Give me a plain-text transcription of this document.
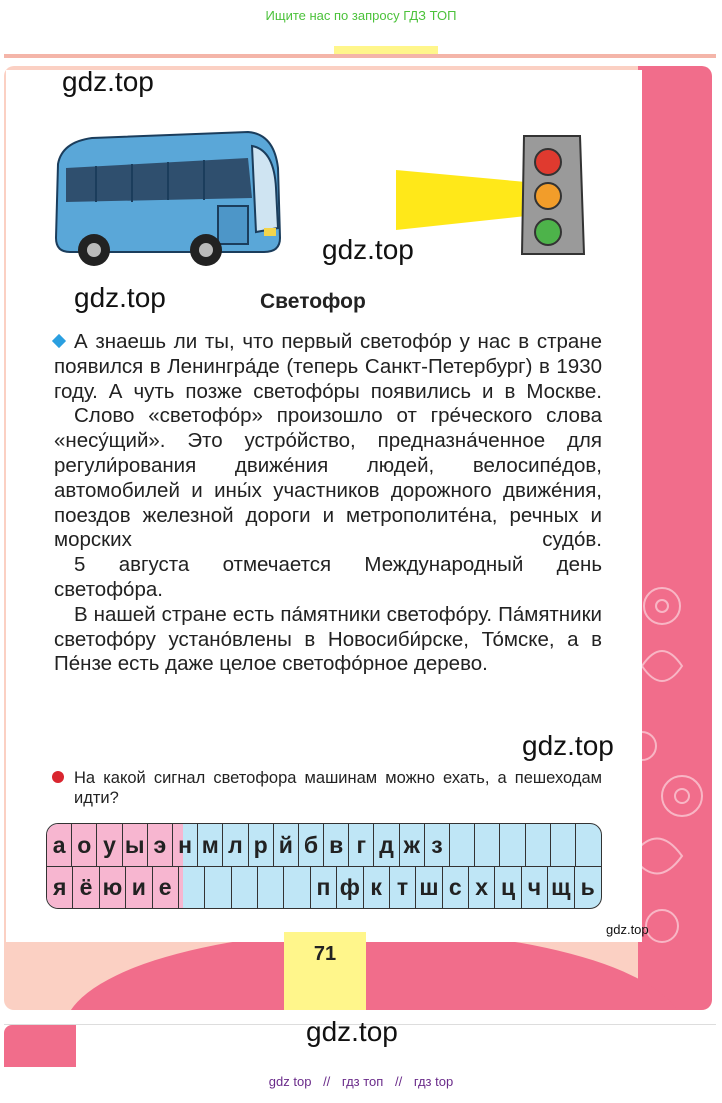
Ищите нас по запросу ГДЗ ТОП
gdz.top
gdz.top
gdz.top
gdz.top
gdz.top
Светофор

А знаешь ли ты, что первый светофо́р у нас в стране появился в Ленингра́де (теперь Санкт-Петербург) в 1930 году. А чуть позже светофо́ры появились и в Москве.

Слово «светофо́р» произошло от гре́ческого слова «несу́щий». Это устро́йство, предназна́ченное для регули́рования движе́ния людей, велосипе́дов, автомобилей и ины́х участников дорожного движе́ния, поездов железной дороги и метрополите́на, речных и морских судо́в.

5 августа отмечается Международный день светофо́ра.

В нашей стране есть па́мятники светофо́ру. Па́мятники светофо́ру устано́влены в Новосиби́рске, То́мске, а в Пе́нзе есть даже целое светофо́рное дерево.

На какой сигнал светофора машинам можно ехать, а пешеходам идти?
а о у ы э н м л р й б в г д ж з
я ё ю и е	п ф к т ш с х ц ч щ ь
71
gdz.top
gdz top // гдз топ // гдз top
